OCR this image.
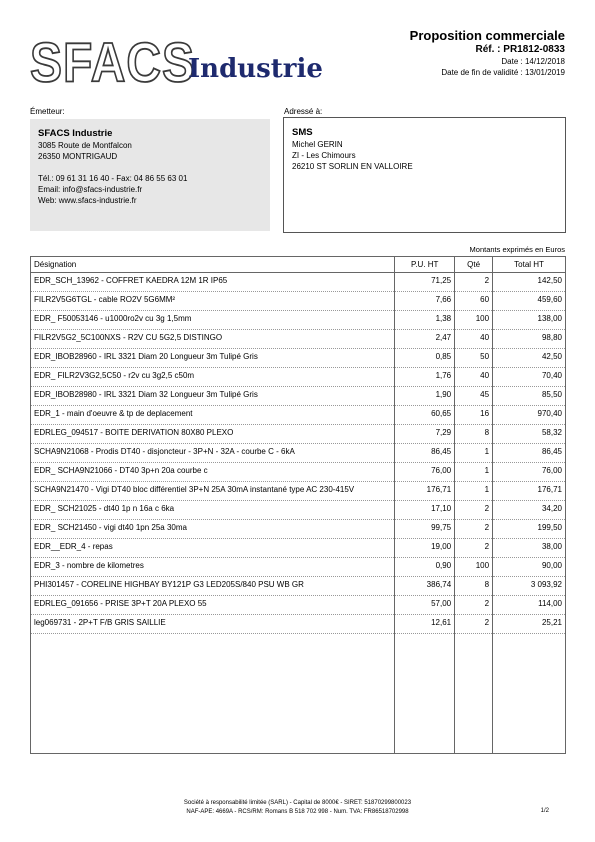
SFACS
Industrie
Proposition commerciale
Réf. : PR1812-0833
Date : 14/12/2018
Date de fin de validité : 13/01/2019
Émetteur:	Adressé à:
SFACS Industrie
3085 Route de Montfalcon
26350 MONTRIGAUD
Tél.: 09 61 31 16 40 - Fax: 04 86 55 63 01
Email: info@sfacs-industrie.fr
Web: www.sfacs-industrie.fr
SMS
Michel GERIN
ZI - Les Chimours
26210 ST SORLIN EN VALLOIRE
Montants exprimés en Euros
Désignation	P.U. HT	Qté	Total HT
EDR_SCH_13962 - COFFRET KAEDRA 12M 1R IP65	71,25	2	142,50
FILR2V5G6TGL - cable RO2V 5G6MM²	7,66	60	459,60
EDR_ F50053146 - u1000ro2v cu 3g 1,5mm	1,38	100	138,00
FILR2V5G2_5C100NXS - R2V CU 5G2,5 DISTINGO	2,47	40	98,80
EDR_IBOB28960 - IRL 3321 Diam 20 Longueur 3m Tulipé Gris	0,85	50	42,50
EDR_ FILR2V3G2,5C50 - r2v cu 3g2,5 c50m	1,76	40	70,40
EDR_IBOB28980 - IRL 3321 Diam 32 Longueur 3m Tulipé Gris	1,90	45	85,50
EDR_1 - main d'oeuvre & tp de deplacement	60,65	16	970,40
EDRLEG_094517 - BOITE DERIVATION 80X80 PLEXO	7,29	8	58,32
SCHA9N21068 - Prodis DT40 - disjoncteur - 3P+N - 32A - courbe C - 6kA	86,45	1	86,45
EDR_ SCHA9N21066 - DT40 3p+n 20a courbe c	76,00	1	76,00
SCHA9N21470 - Vigi DT40 bloc différentiel 3P+N 25A 30mA instantané type AC 230-415V	176,71	1	176,71
EDR_ SCH21025 - dt40 1p n 16a c 6ka	17,10	2	34,20
EDR_ SCH21450 - vigi dt40 1pn 25a 30ma	99,75	2	199,50
EDR__EDR_4 - repas	19,00	2	38,00
EDR_3 - nombre de kilometres	0,90	100	90,00
PHI301457 - CORELINE HIGHBAY BY121P G3 LED205S/840 PSU WB GR	386,74	8	3 093,92
EDRLEG_091656 - PRISE 3P+T 20A PLEXO 55	57,00	2	114,00
leg069731 - 2P+T F/B GRIS SAILLIE	12,61	2	25,21

Société à responsabilité limitée (SARL) - Capital de 8000€ - SIRET: 51870299800023
NAF-APE: 4669A - RCS/RM: Romans B 518 702 998 - Num. TVA: FR86518702998	1/2
